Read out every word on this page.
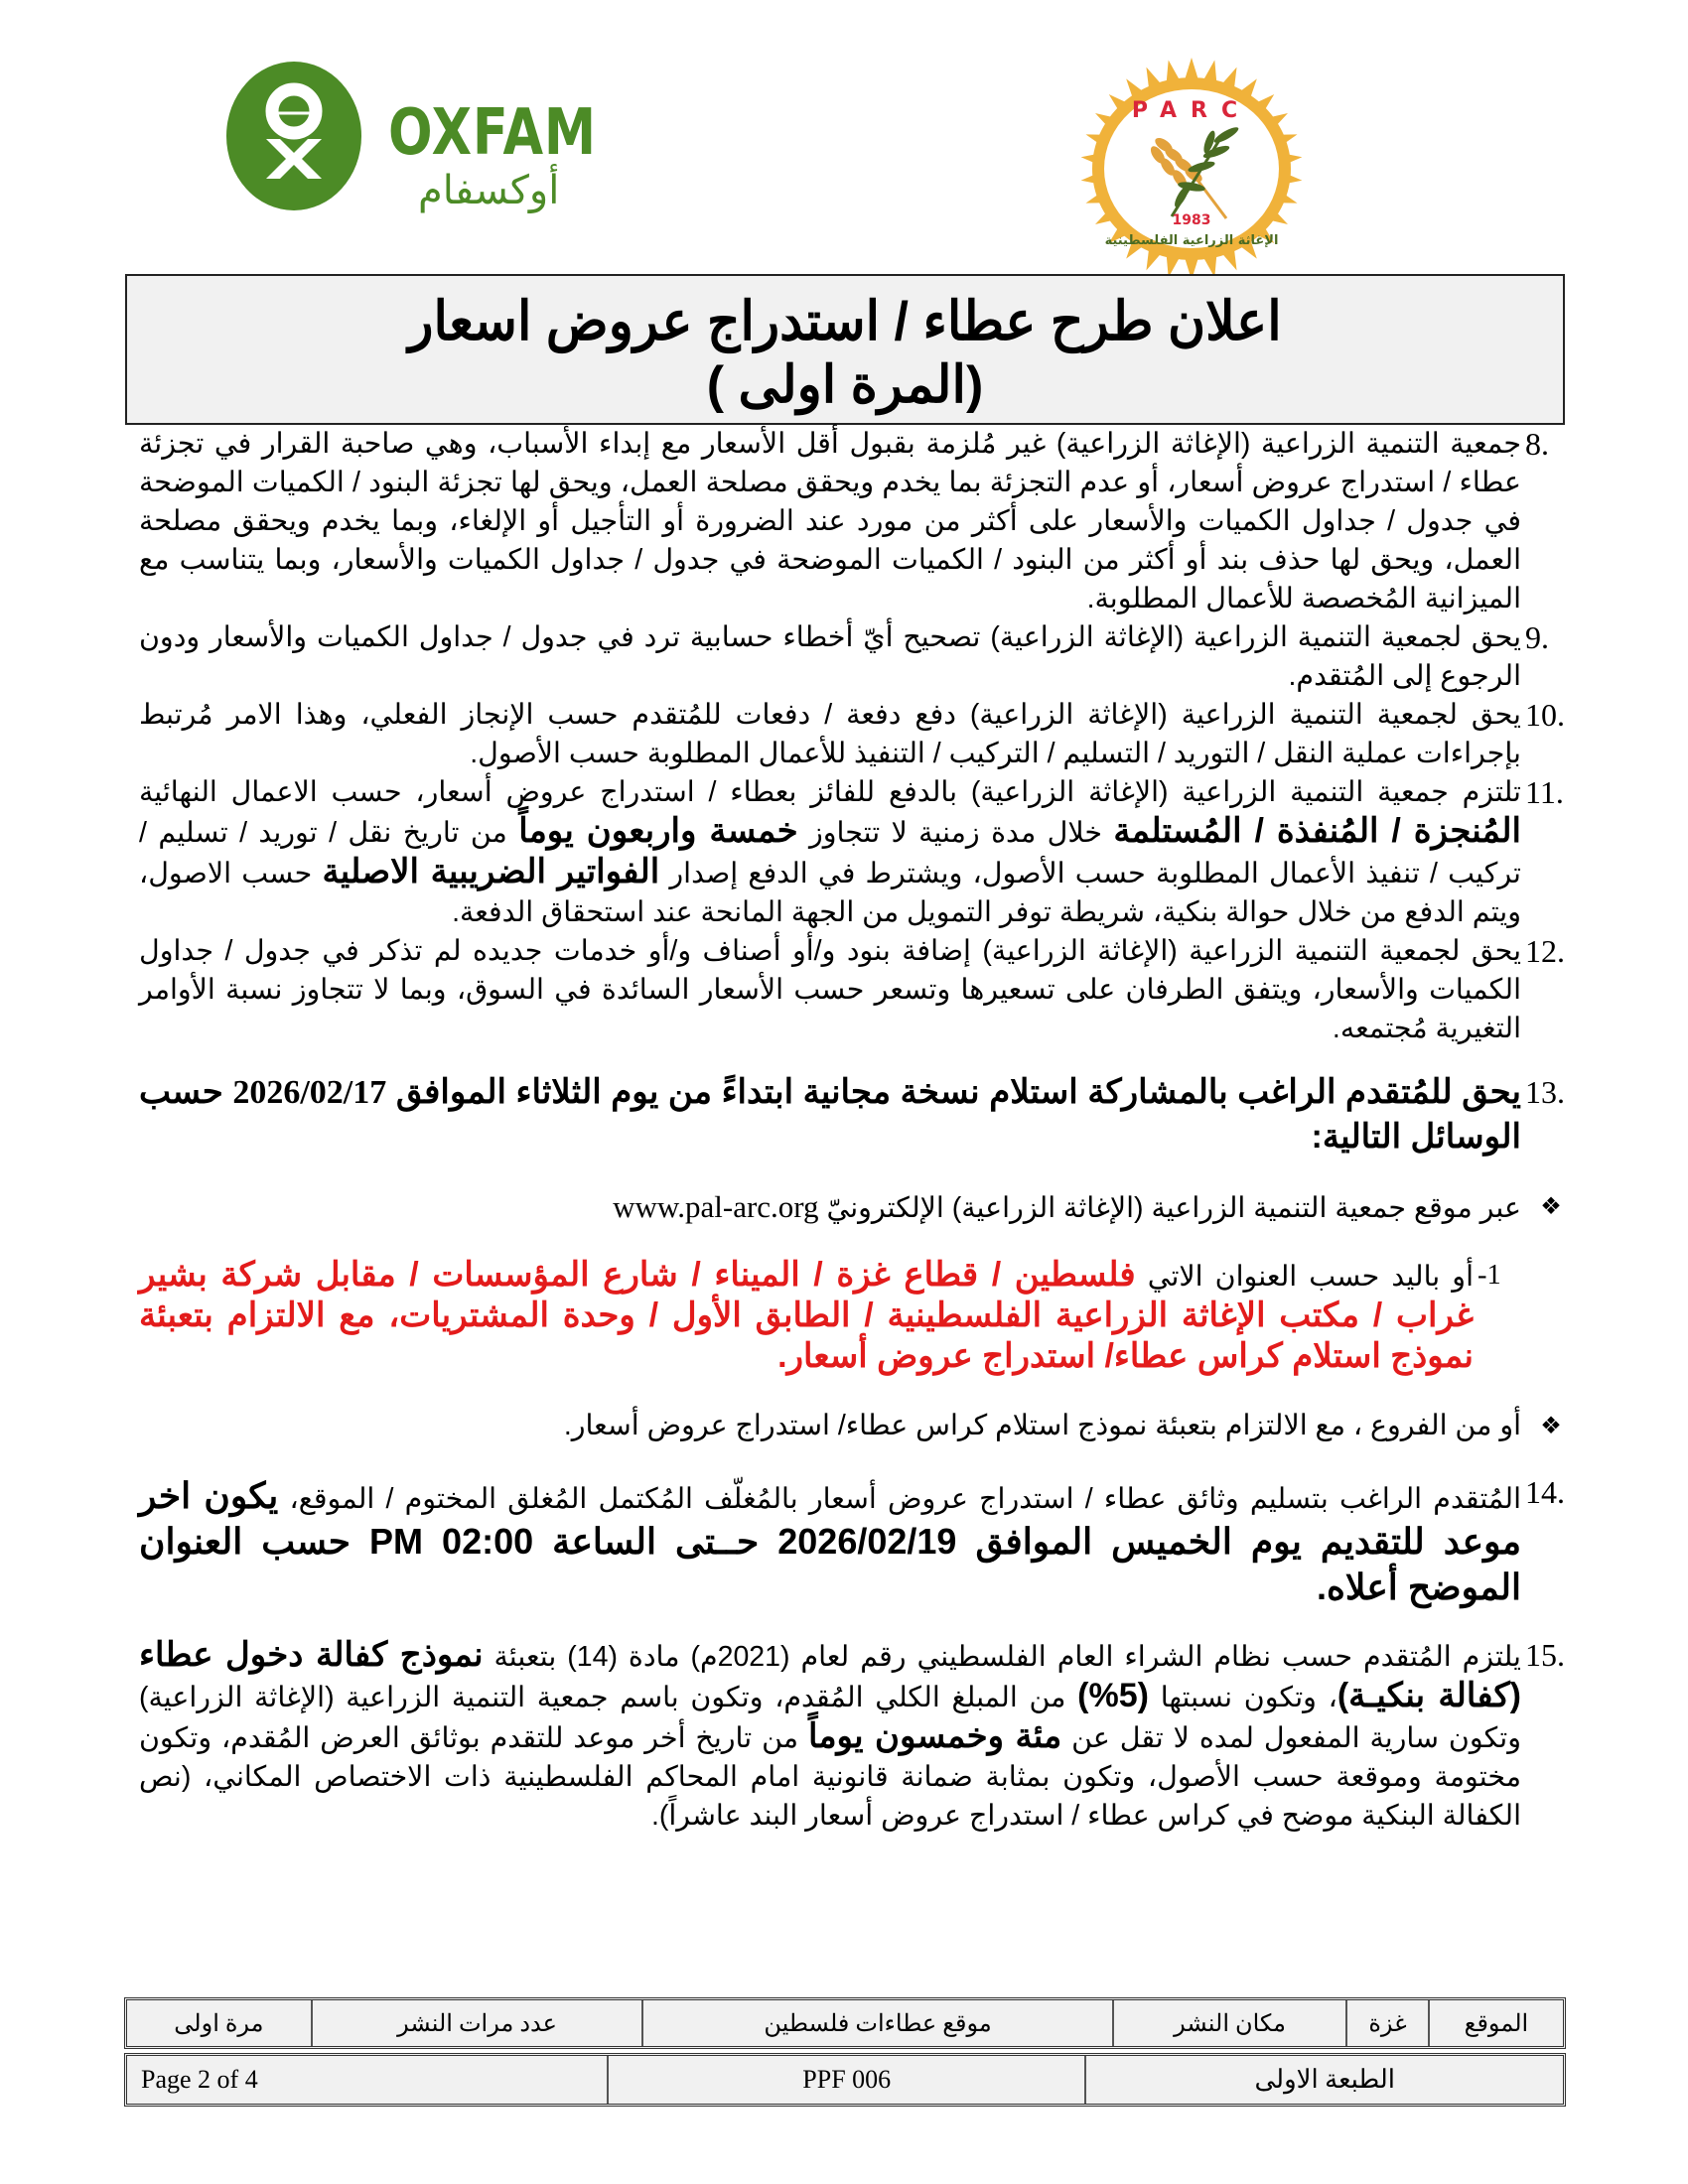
OXFAM
أوكسفام
PARC
1983
الإغاثة الزراعية الفلسطينية
اعلان طرح عطاء / استدراج عروض اسعار
(المرة اولى )

8.
جمعية التنمية الزراعية (الإغاثة الزراعية) غير مُلزمة بقبول أقل الأسعار مع إبداء الأسباب، وهي صاحبة القرار في تجزئة عطاء / استدراج عروض أسعار، أو عدم التجزئة بما يخدم ويحقق مصلحة العمل، ويحق لها تجزئة البنود / الكميات الموضحة في جدول / جداول الكميات والأسعار على أكثر من مورد عند الضرورة أو التأجيل أو الإلغاء، وبما يخدم ويحقق مصلحة العمل، ويحق لها حذف بند أو أكثر من البنود / الكميات الموضحة في جدول / جداول الكميات والأسعار، وبما يتناسب مع الميزانية المُخصصة للأعمال المطلوبة.

9.
يحق لجمعية التنمية الزراعية (الإغاثة الزراعية) تصحيح أيّ أخطاء حسابية ترد في جدول / جداول الكميات والأسعار ودون الرجوع إلى المُتقدم.

10.
يحق لجمعية التنمية الزراعية (الإغاثة الزراعية) دفع دفعة / دفعات للمُتقدم حسب الإنجاز الفعلي، وهذا الامر مُرتبط بإجراءات عملية النقل / التوريد / التسليم / التركيب / التنفيذ للأعمال المطلوبة حسب الأصول.

11.
تلتزم جمعية التنمية الزراعية (الإغاثة الزراعية) بالدفع للفائز بعطاء / استدراج عروض أسعار، حسب الاعمال النهائية المُنجزة / المُنفذة / المُستلمة خلال مدة زمنية لا تتجاوز خمسة واربعون يوماً من تاريخ نقل / توريد / تسليم / تركيب / تنفيذ الأعمال المطلوبة حسب الأصول، ويشترط في الدفع إصدار الفواتير الضريبية الاصلية حسب الاصول، ويتم الدفع من خلال حوالة بنكية، شريطة توفر التمويل من الجهة المانحة عند استحقاق الدفعة.

12.
يحق لجمعية التنمية الزراعية (الإغاثة الزراعية) إضافة بنود و/أو أصناف و/أو خدمات جديده لم تذكر في جدول / جداول الكميات والأسعار، ويتفق الطرفان على تسعيرها وتسعر حسب الأسعار السائدة في السوق، وبما لا تتجاوز نسبة الأوامر التغيرية مُجتمعه.

13.
يحق للمُتقدم الراغب بالمشاركة استلام نسخة مجانية ابتداءً من يوم الثلاثاء الموافق 2026/02/17 حسب الوسائل التالية:

❖
عبر موقع جمعية التنمية الزراعية (الإغاثة الزراعية) الإلكترونيّ www.pal-arc.org

-1
أو باليد حسب العنوان الاتي فلسطين / قطاع غزة / الميناء / شارع المؤسسات / مقابل شركة بشير غراب / مكتب الإغاثة الزراعية الفلسطينية / الطابق الأول / وحدة المشتريات، مع الالتزام بتعبئة نموذج استلام كراس عطاء/ استدراج عروض أسعار.

❖
أو من الفروع ، مع الالتزام بتعبئة نموذج استلام كراس عطاء/ استدراج عروض أسعار.

14.
المُتقدم الراغب بتسليم وثائق عطاء / استدراج عروض أسعار بالمُغلّف المُكتمل المُغلق المختوم / الموقع، يكون اخر موعد للتقديم يوم الخميس الموافق 2026/02/19 حــتى الساعة 02:00 PM حسب العنوان الموضح أعلاه.

15.
يلتزم المُتقدم حسب نظام الشراء العام الفلسطيني رقم لعام (2021م) مادة (14) بتعبئة نموذج كفالة دخول عطاء (كفالة بنكيـة)، وتكون نسبتها (5%) من المبلغ الكلي المُقدم، وتكون باسم جمعية التنمية الزراعية (الإغاثة الزراعية) وتكون سارية المفعول لمده لا تقل عن مئة وخمسون يوماً من تاريخ أخر موعد للتقدم بوثائق العرض المُقدم، وتكون مختومة وموقعة حسب الأصول، وتكون بمثابة ضمانة قانونية امام المحاكم الفلسطينية ذات الاختصاص المكاني، (نص الكفالة البنكية موضح في كراس عطاء / استدراج عروض أسعار البند عاشراً).

الموقع	غزة	مكان النشر	موقع عطاءات فلسطين	عدد مرات النشر	مرة اولى
الطبعة الاولى	PPF 006	Page 2 of 4
